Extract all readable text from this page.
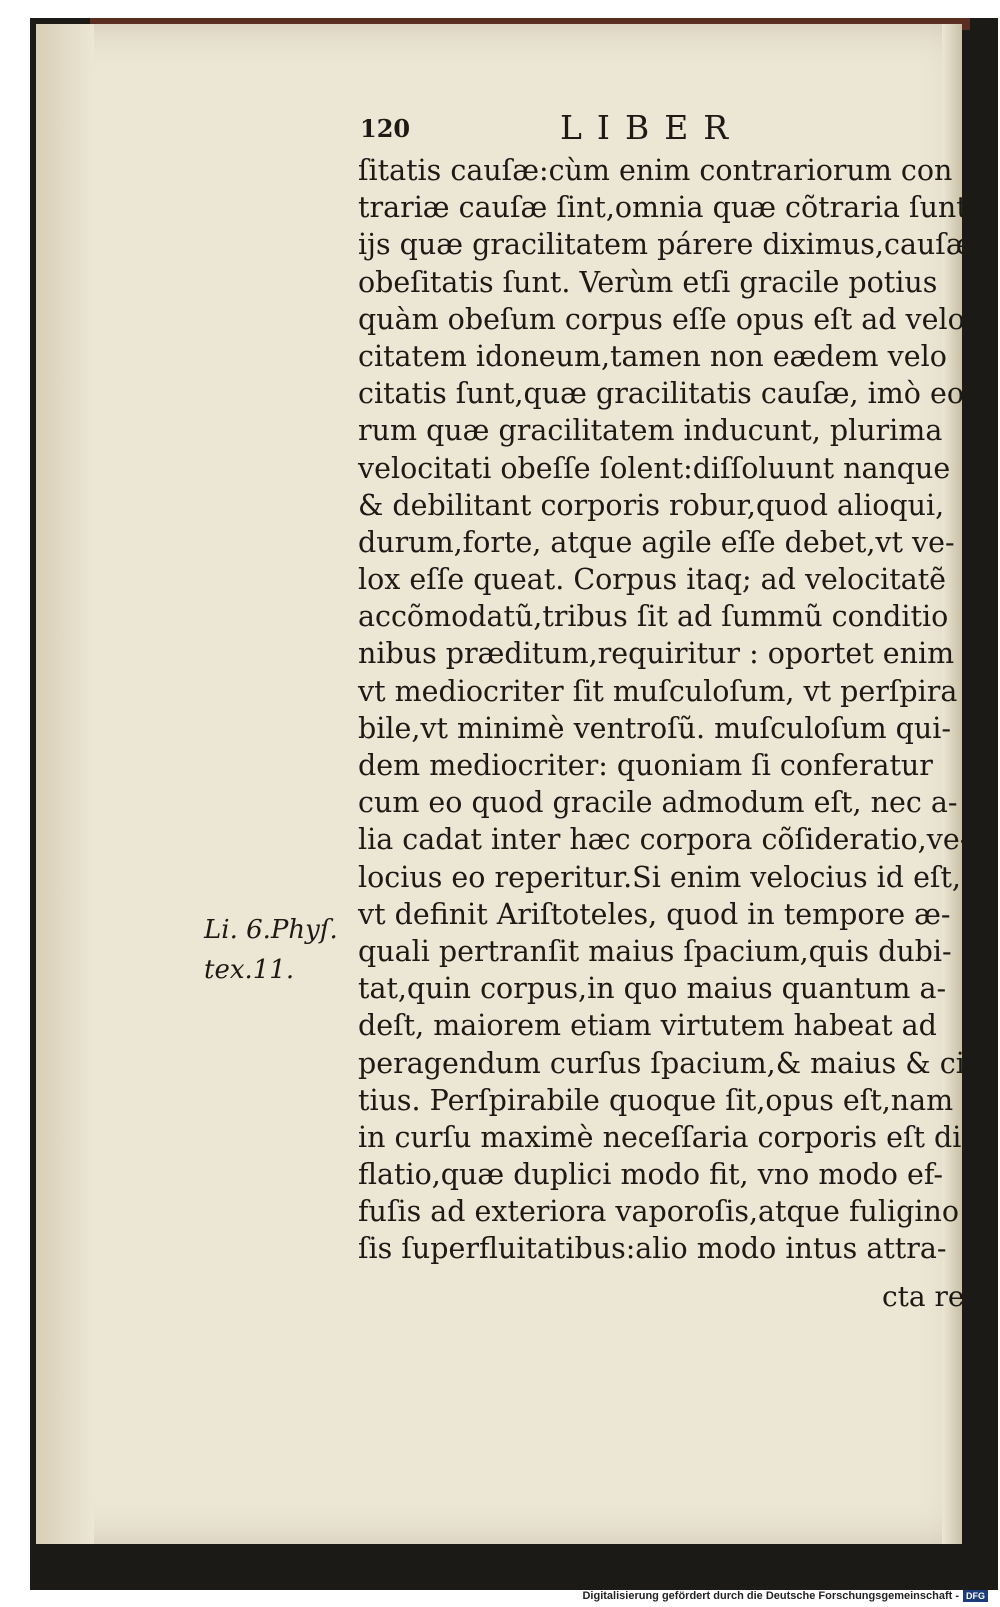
120	LIBER
ſitatis cauſæ:cùm enim contrariorum con
trariæ cauſæ ſint,omnia quæ cõtraria ſunt,
ijs quæ gracilitatem párere diximus,cauſæ
obeſitatis ſunt. Verùm etſi gracile potius
quàm obeſum corpus eſſe opus eſt ad velo
citatem idoneum,tamen non eædem velo
citatis ſunt,quæ gracilitatis cauſæ, imò eo-
rum quæ gracilitatem inducunt, plurima
velocitati obeſſe ſolent:diſſoluunt nanque
& debilitant corporis robur,quod alioqui,
durum,forte, atque agile eſſe debet,vt ve-
lox eſſe queat. Corpus itaq; ad velocitatẽ
accõmodatũ,tribus ſit ad ſummũ conditio
nibus præditum,requiritur : oportet enim
vt mediocriter ſit muſculoſum, vt perſpira
bile,vt minimè ventroſũ. muſculoſum qui-
dem mediocriter: quoniam ſi conferatur
cum eo quod gracile admodum eſt, nec a-
lia cadat inter hæc corpora cõſideratio,ve-
locius eo reperitur.Si enim velocius id eſt,
vt definit Ariſtoteles, quod in tempore æ-
quali pertranſit maius ſpacium,quis dubi-
tat,quin corpus,in quo maius quantum a-
deſt, maiorem etiam virtutem habeat ad
peragendum curſus ſpacium,& maius & ci
tius. Perſpirabile quoque ſit,opus eſt,nam
in curſu maximè neceſſaria corporis eſt dif
flatio,quæ duplici modo fit, vno modo ef-
fuſis ad exteriora vaporoſis,atque fuligino
ſis ſuperfluitatibus:alio modo intus attra-
cta re
Li. 6.Phyſ.
tex.11.
Digitalisierung gefördert durch die Deutsche Forschungsgemeinschaft - DFG
